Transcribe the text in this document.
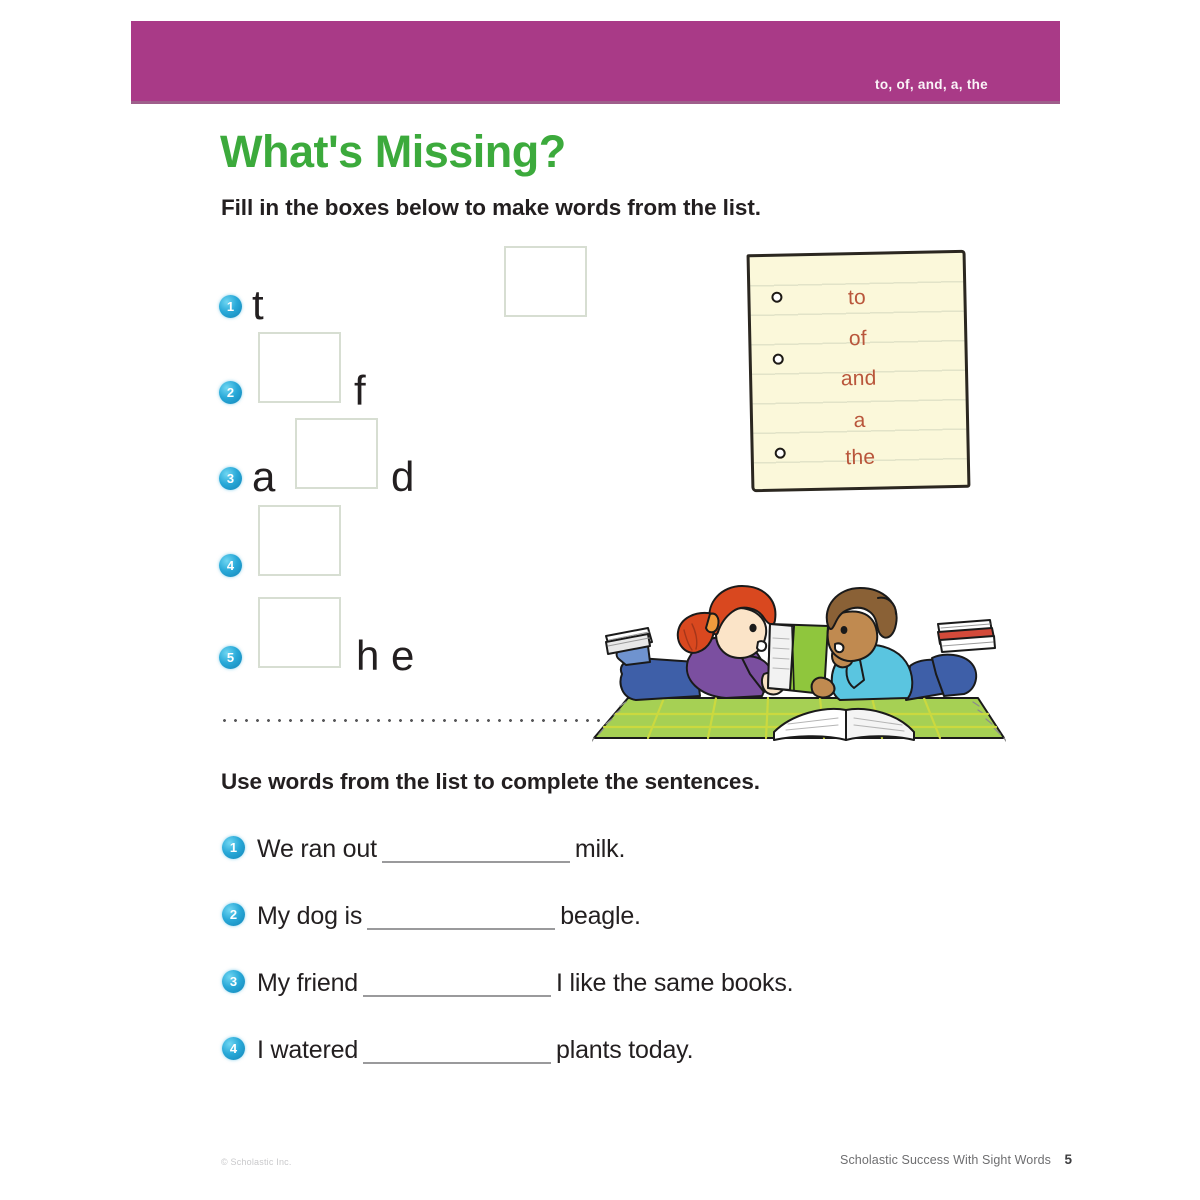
to, of, and, a, the
What's Missing?
Fill in the boxes below to make words from the list.
1 t
2	f
3 a	d
4
5	h e
to
of
and
a
the
Use words from the list to complete the sentences.
1 We ran out	milk.
2 My dog is	beagle.
3 My friend	I like the same books.
4 I watered	plants today.
© Scholastic Inc.	Scholastic Success With Sight Words 5
